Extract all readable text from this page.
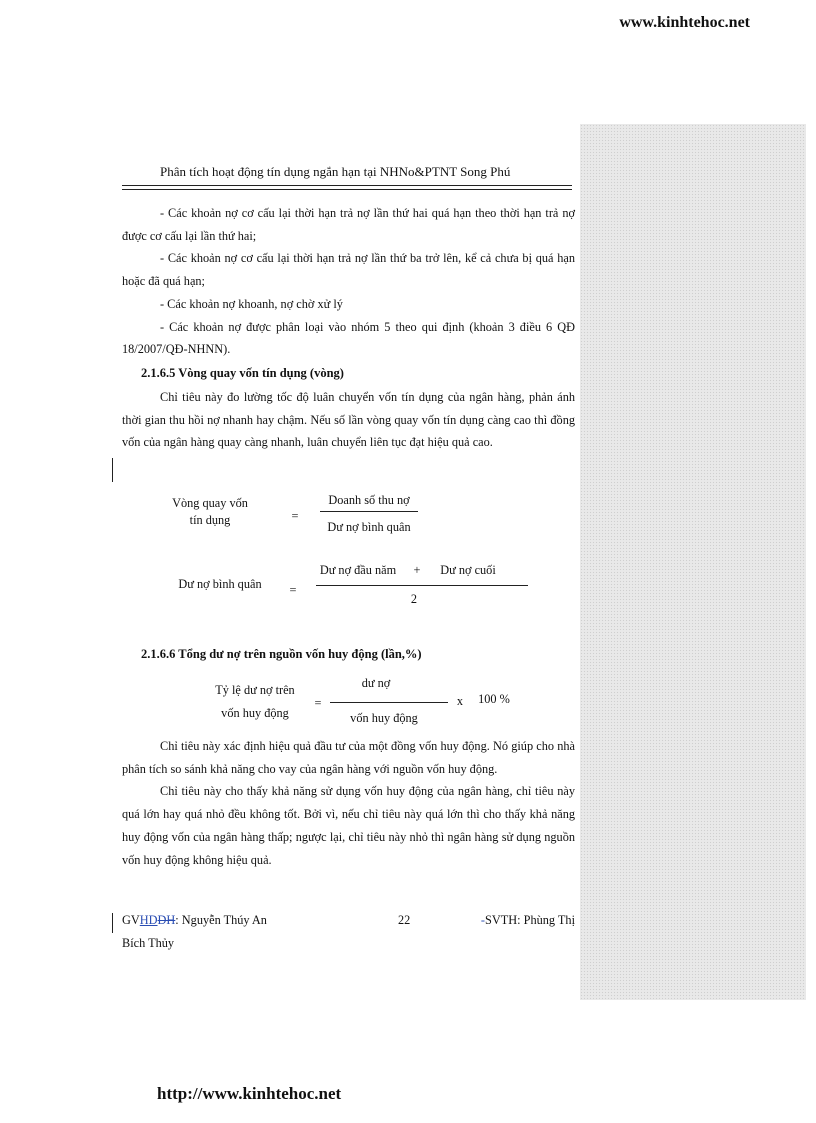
www.kinhtehoc.net
Phân tích hoạt động tín dụng ngắn hạn tại NHNo&PTNT Song Phú

- Các khoản nợ cơ cấu lại thời hạn trả nợ lần thứ hai quá hạn theo thời hạn trả nợ được cơ cấu lại lần thứ hai;

- Các khoản nợ cơ cấu lại thời hạn trả nợ lần thứ ba trở lên, kể cả chưa bị quá hạn hoặc đã quá hạn;

- Các khoản nợ khoanh, nợ chờ xử lý

- Các khoản nợ được phân loại vào nhóm 5 theo qui định (khoản 3 điều 6 QĐ 18/2007/QĐ-NHNN).

2.1.6.5 Vòng quay vốn tín dụng (vòng)

Chỉ tiêu này đo lường tốc độ luân chuyển vốn tín dụng của ngân hàng, phản ánh thời gian thu hồi nợ nhanh hay chậm. Nếu số lần vòng quay vốn tín dụng càng cao thì đồng vốn của ngân hàng quay càng nhanh, luân chuyển liên tục đạt hiệu quả cao.

Vòng quay vốn
tín dụng	=
Doanh số thu nợ
Dư nợ bình quân
Dư nợ bình quân	=
Dư nợ đầu năm	+	Dư nợ cuối
2
2.1.6.6 Tổng dư nợ trên nguồn vốn huy động (lần,%)
Tỷ lệ dư nợ trên
vốn huy động
=
dư nợ
vốn huy động
x	100 %

Chỉ tiêu này xác định hiệu quả đầu tư của một đồng vốn huy động. Nó giúp cho nhà phân tích so sánh khả năng cho vay của ngân hàng với nguồn vốn huy động.

Chỉ tiêu này cho thấy khả năng sử dụng vốn huy động của ngân hàng, chỉ tiêu này quá lớn hay quá nhỏ đều không tốt. Bởi vì, nếu chỉ tiêu này quá lớn thì cho thấy khả năng huy động vốn của ngân hàng thấp; ngược lại, chỉ tiêu này nhỏ thì ngân hàng sử dụng nguồn vốn huy động không hiệu quả.

GVHDDH: Nguyễn Thúy An	22	-SVTH: Phùng Thị
Bích Thủy
http://www.kinhtehoc.net
